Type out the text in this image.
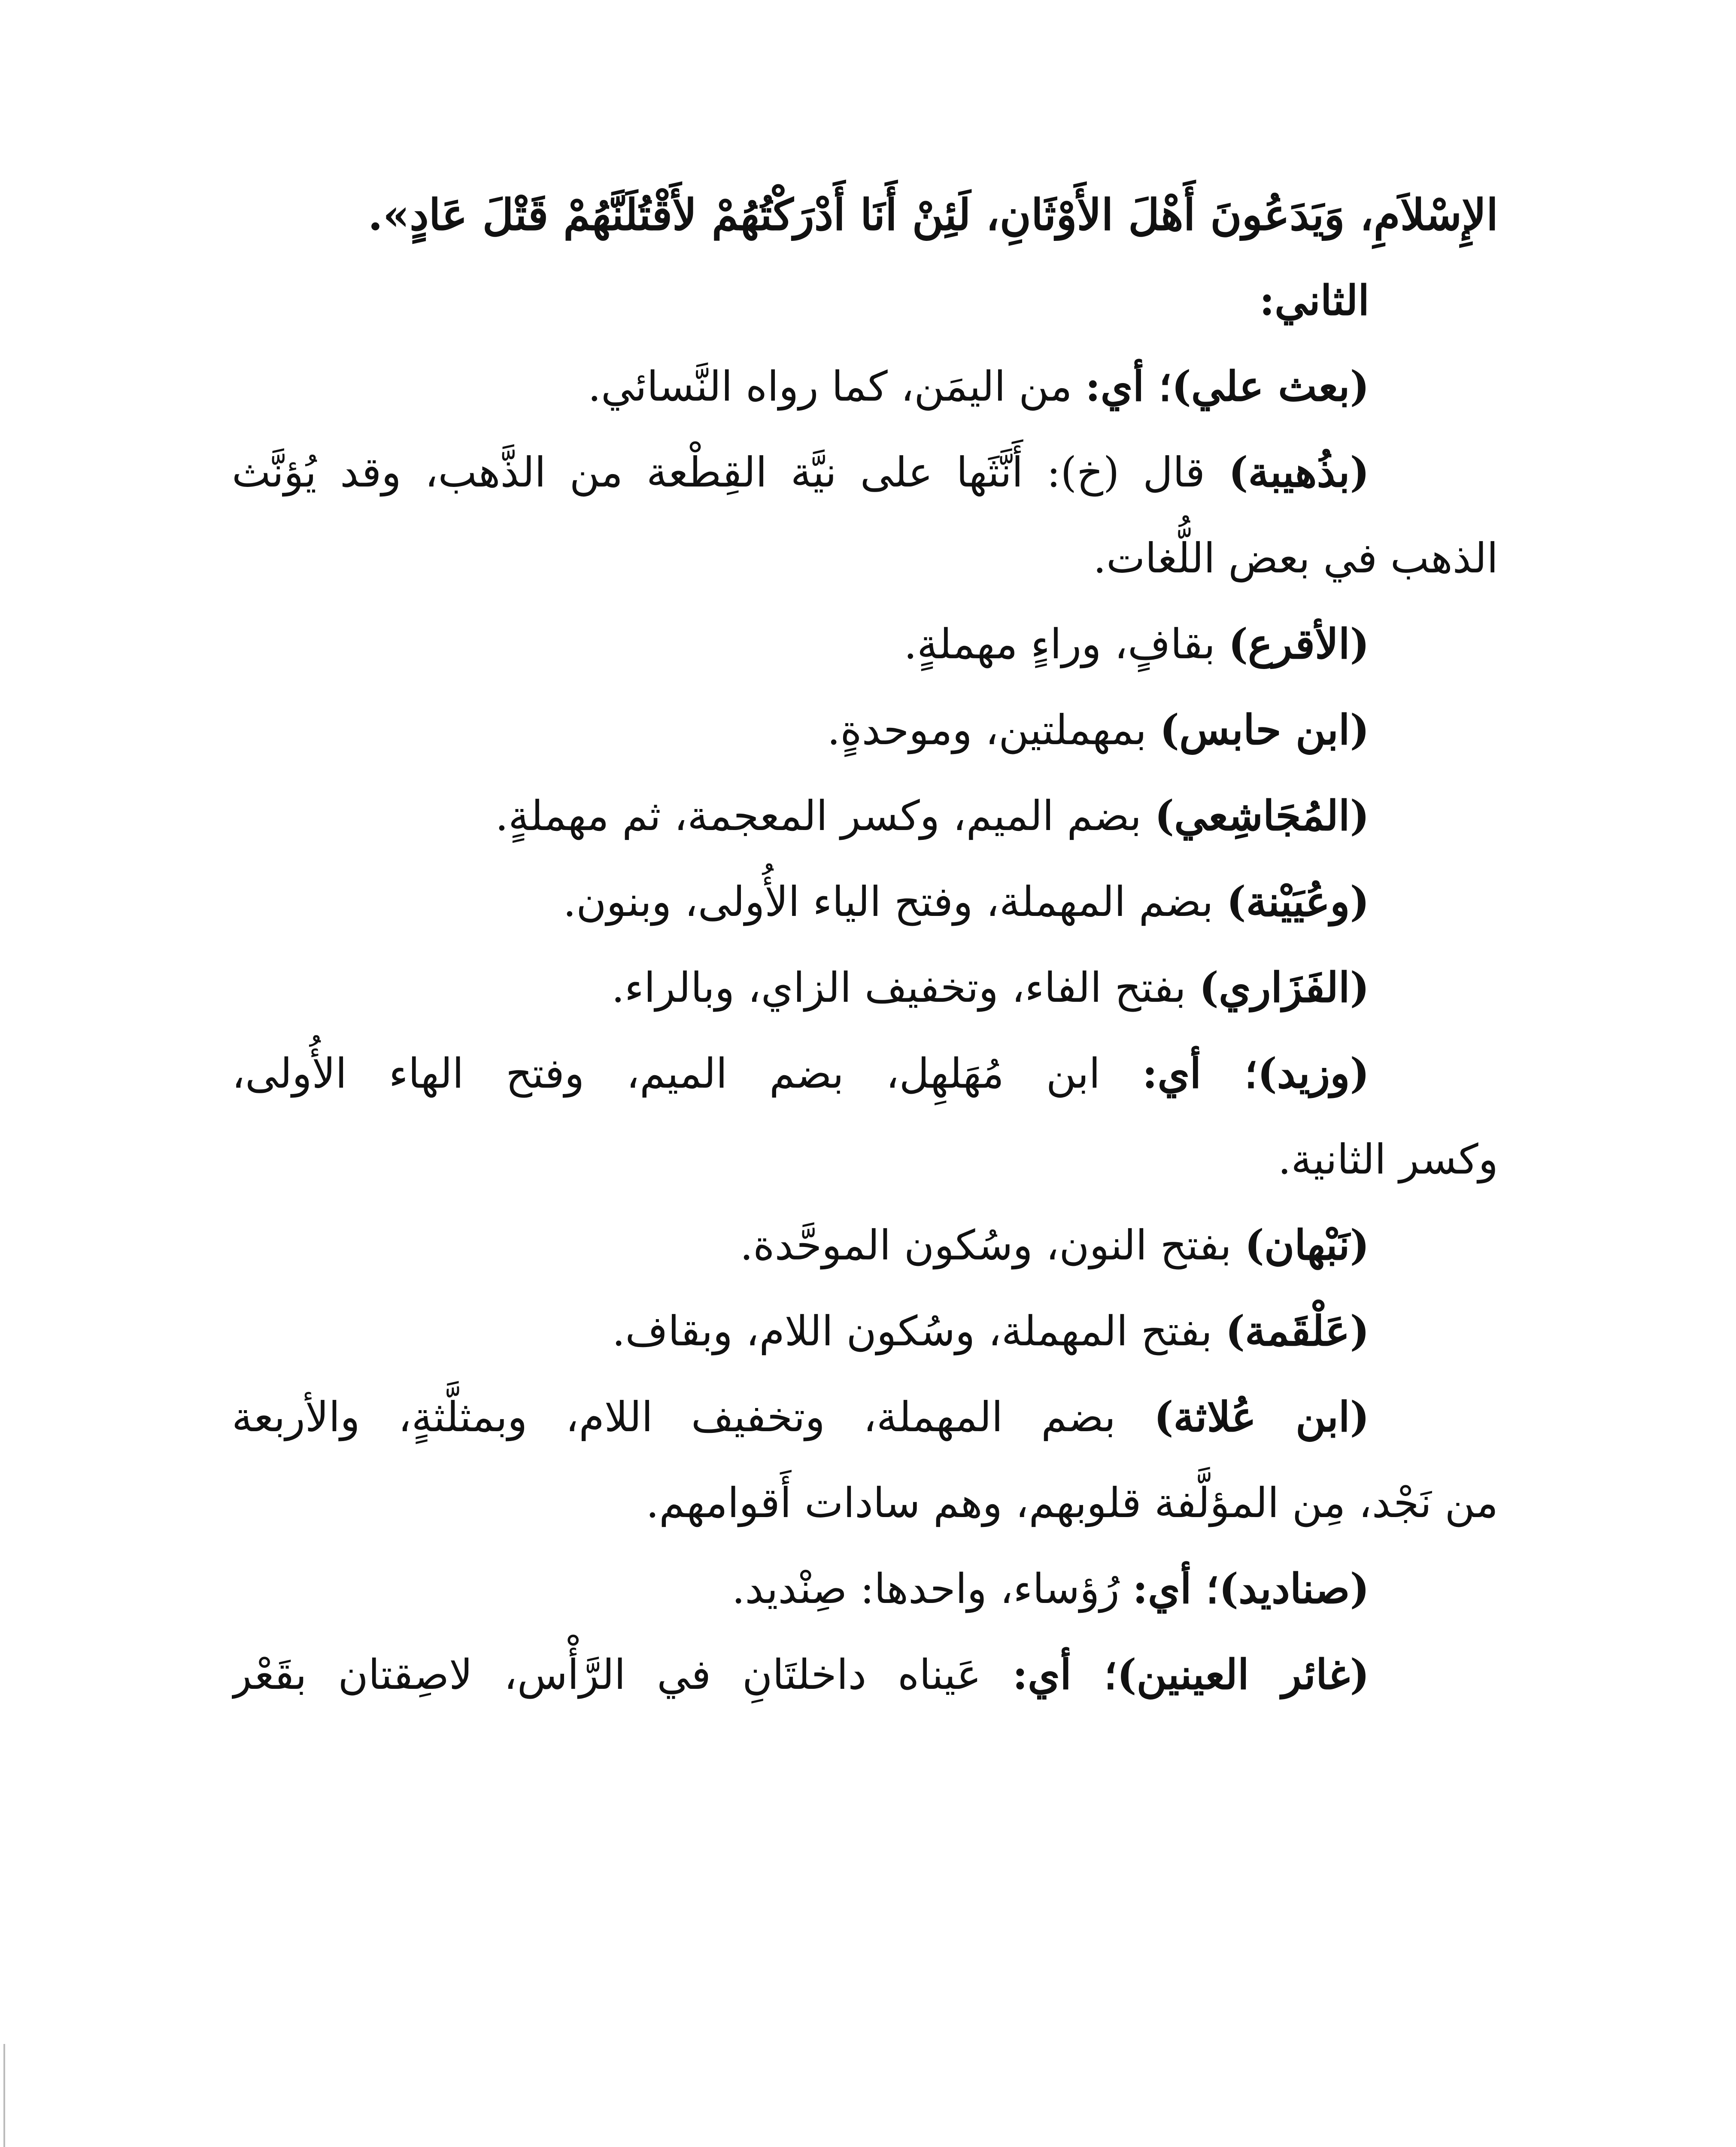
الإِسْلاَمِ، وَيَدَعُونَ أَهْلَ الأَوْثَانِ، لَئِنْ أَنَا أَدْرَكْتُهُمْ لأَقْتُلَنَّهُمْ قَتْلَ عَادٍ».
الثاني:
(بعث علي)؛ أي: من اليمَن، كما رواه النَّسائي.
(بذُهيبة) قال (خ): أَنَّثَها على نيَّة القِطْعة من الذَّهب، وقد يُؤنَّث
الذهب في بعض اللُّغات.
(الأقرع) بقافٍ، وراءٍ مهملةٍ.
(ابن حابس) بمهملتين، وموحدةٍ.
(المُجَاشِعي) بضم الميم، وكسر المعجمة، ثم مهملةٍ.
(وعُيَيْنة) بضم المهملة، وفتح الياء الأُولى، وبنون.
(الفَزَاري) بفتح الفاء، وتخفيف الزاي، وبالراء.
(وزيد)؛ أي: ابن مُهَلهِل، بضم الميم، وفتح الهاء الأُولى،
وكسر الثانية.
(نَبْهان) بفتح النون، وسُكون الموحَّدة.
(عَلْقَمة) بفتح المهملة، وسُكون اللام، وبقاف.
(ابن عُلاثة) بضم المهملة، وتخفيف اللام، وبمثلَّثةٍ، والأربعة
من نَجْد، مِن المؤلَّفة قلوبهم، وهم سادات أَقوامهم.
(صناديد)؛ أي: رُؤساء، واحدها: صِنْديد.
(غائر العينين)؛ أي: عَيناه داخلتَانِ في الرَّأْس، لاصِقتان بقَعْر
